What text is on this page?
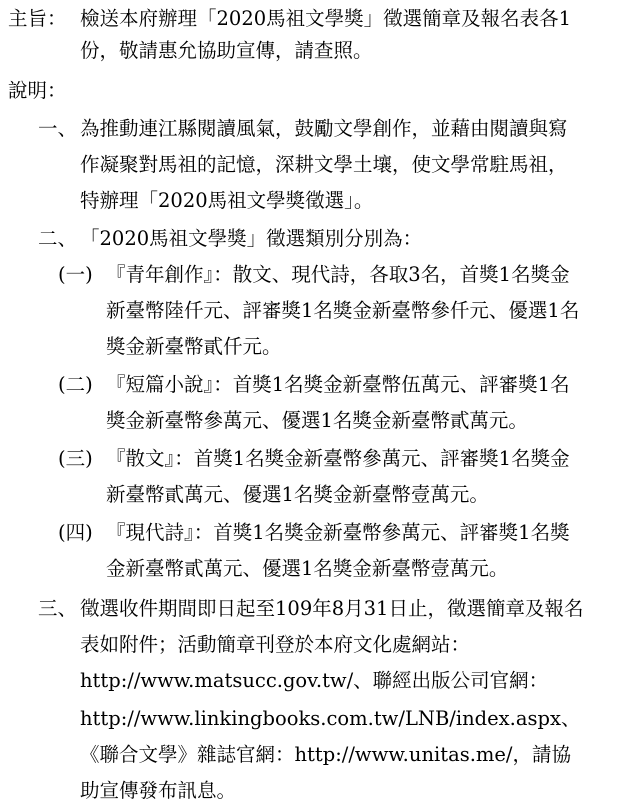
主旨： 檢送本府辦理「2020馬祖文學獎」徵選簡章及報名表各1
份，敬請惠允協助宣傳，請查照。
說明：
一、 為推動連江縣閱讀風氣，鼓勵文學創作，並藉由閱讀與寫
作凝聚對馬祖的記憶，深耕文學土壤，使文學常駐馬祖，
特辦理「2020馬祖文學獎徵選」。
二、 「2020馬祖文學獎」徵選類別分別為：
(一) 『青年創作』：散文、現代詩，各取3名，首獎1名獎金
新臺幣陸仟元、評審獎1名獎金新臺幣參仟元、優選1名
獎金新臺幣貳仟元。
(二) 『短篇小說』：首獎1名獎金新臺幣伍萬元、評審獎1名
獎金新臺幣參萬元、優選1名獎金新臺幣貳萬元。
(三) 『散文』：首獎1名獎金新臺幣參萬元、評審獎1名獎金
新臺幣貳萬元、優選1名獎金新臺幣壹萬元。
(四) 『現代詩』：首獎1名獎金新臺幣參萬元、評審獎1名獎
金新臺幣貳萬元、優選1名獎金新臺幣壹萬元。
三、 徵選收件期間即日起至109年8月31日止，徵選簡章及報名
表如附件；活動簡章刊登於本府文化處網站：
http://www.matsucc.gov.tw/、聯經出版公司官網：
http://www.linkingbooks.com.tw/LNB/index.aspx、
《聯合文學》雜誌官網：http://www.unitas.me/，請協
助宣傳發布訊息。
